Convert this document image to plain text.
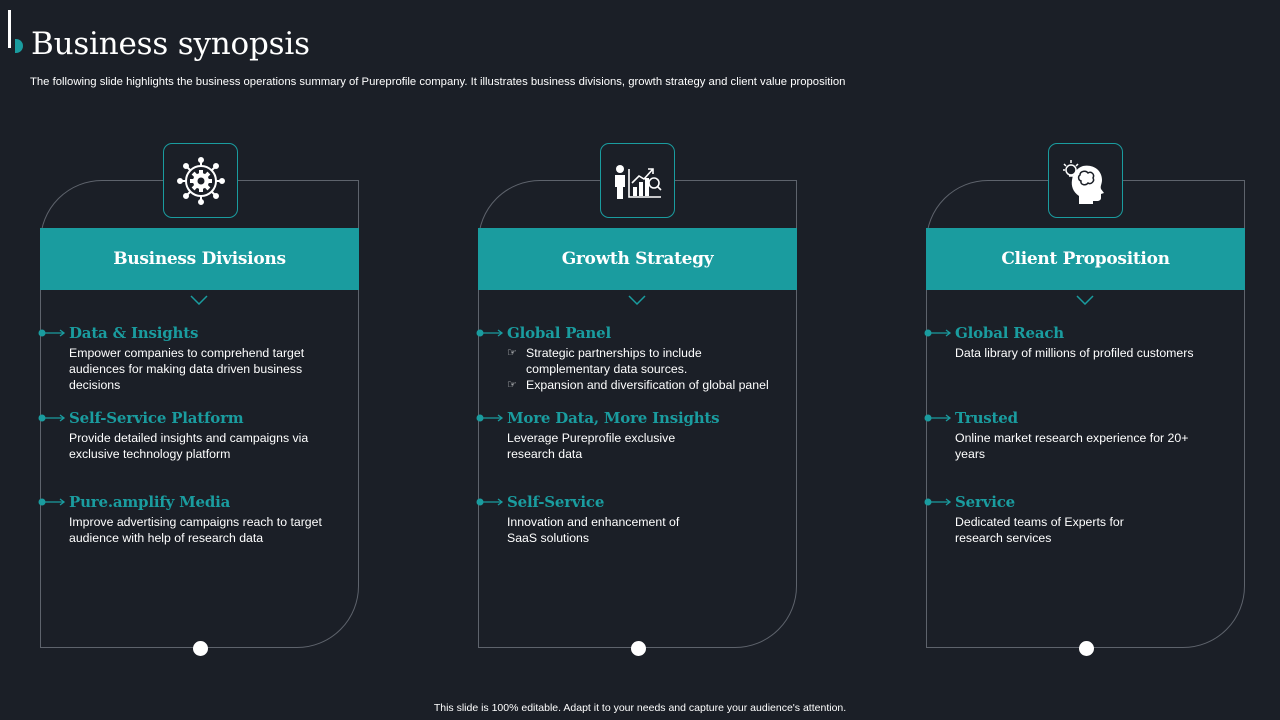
Business synopsis

The following slide highlights the business operations summary of Pureprofile company. It illustrates business divisions, growth strategy and client value proposition

Business Divisions
Data & Insights
Empower companies to comprehend target audiences for making data driven business decisions
Self-Service Platform
Provide detailed insights and campaigns via exclusive technology platform
Pure.amplify Media
Improve advertising campaigns reach to target audience with help of research data
Growth Strategy
Global Panel
☞ Strategic partnerships to include complementary data sources.
☞ Expansion and diversification of global panel
More Data, More Insights
Leverage Pureprofile exclusive research data
Self-Service
Innovation and enhancement of SaaS solutions
Client Proposition
Global Reach
Data library of millions of profiled customers
Trusted
Online market research experience for 20+ years
Service
Dedicated teams of Experts for research services

This slide is 100% editable. Adapt it to your needs and capture your audience's attention.
